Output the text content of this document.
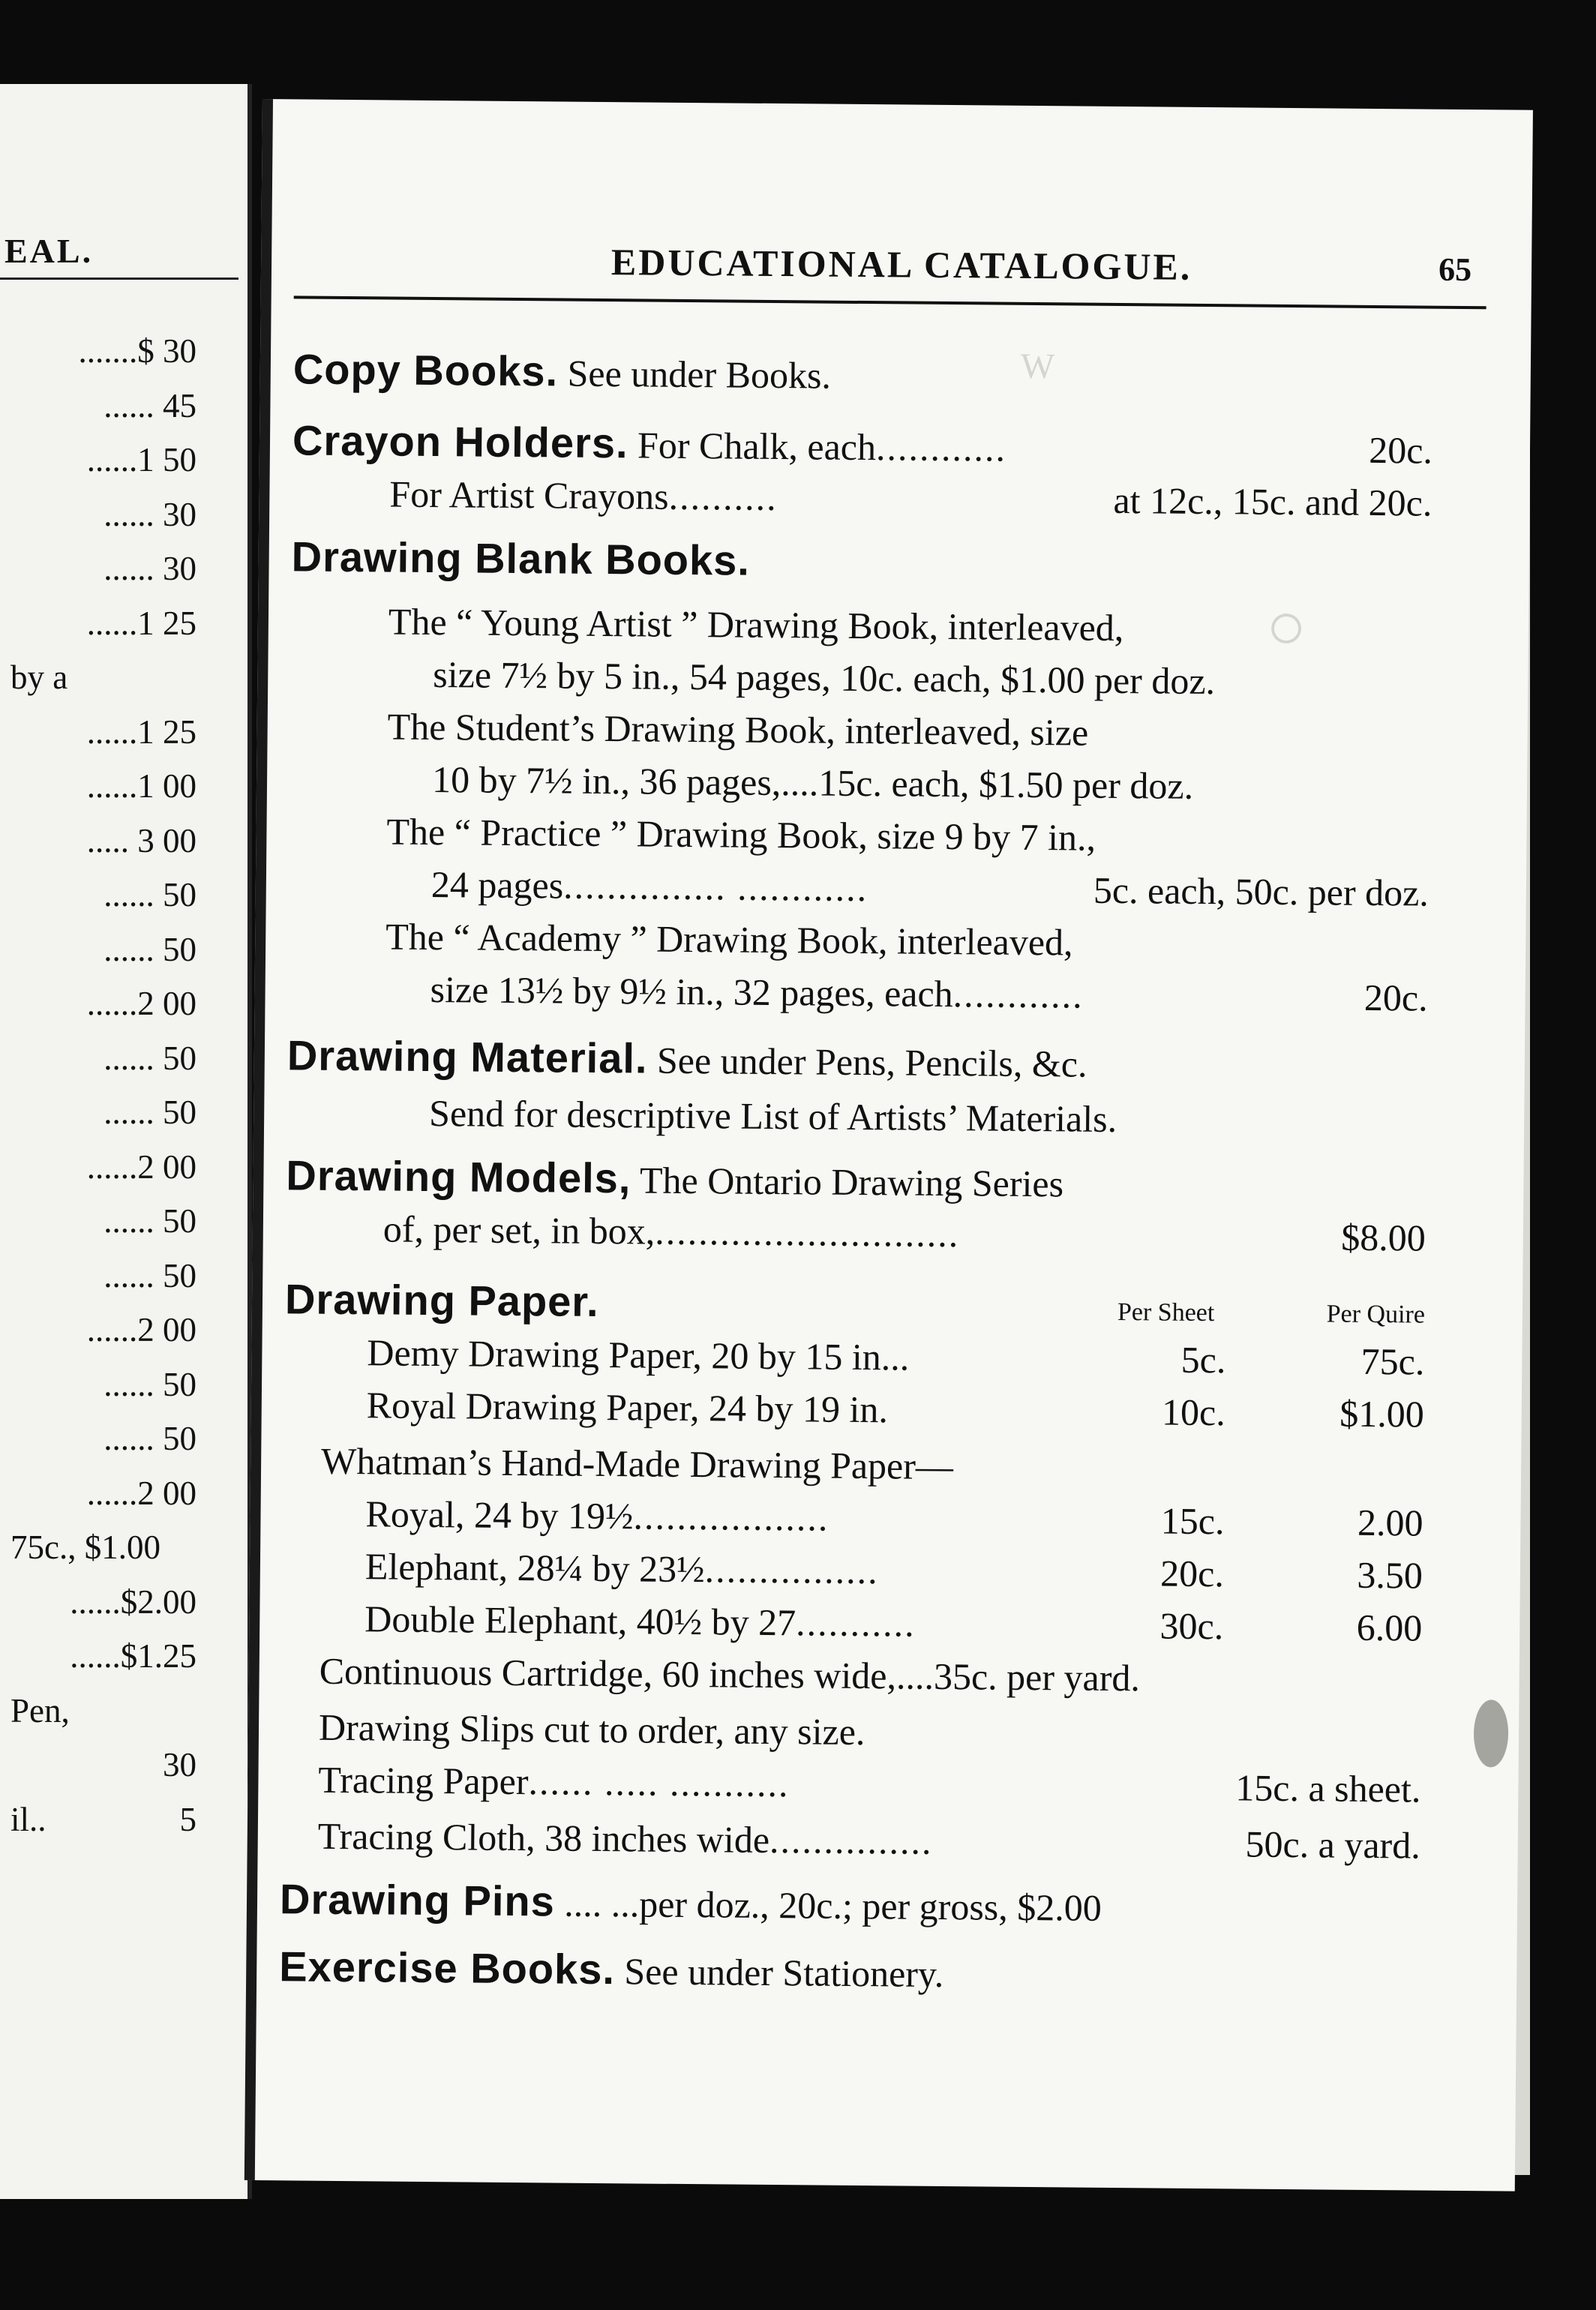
EAL.
.......$ 30
...... 45
......1 50
...... 30
...... 30
......1 25
by a
......1 25
......1 00
..... 3 00
...... 50
...... 50
......2 00
...... 50
...... 50
......2 00
...... 50
...... 50
......2 00
...... 50
...... 50
......2 00
75c., $1.00
......$2.00
......$1.25
Pen,
30
il..	5
W
○
EDUCATIONAL CATALOGUE.	65
Copy Books. See under Books.
Crayon Holders. For Chalk, each............	20c.
For Artist Crayons..........	at 12c., 15c. and 20c.
Drawing Blank Books.
The “ Young Artist ” Drawing Book, interleaved,
size 7½ by 5 in., 54 pages, 10c. each, $1.00 per doz.
The Student’s Drawing Book, interleaved, size
10 by 7½ in., 36 pages,....15c. each, $1.50 per doz.
The “ Practice ” Drawing Book, size 9 by 7 in.,
24 pages............... ............	5c. each, 50c. per doz.
The “ Academy ” Drawing Book, interleaved,
size 13½ by 9½ in., 32 pages, each............	20c.
Drawing Material. See under Pens, Pencils, &c.
Send for descriptive List of Artists’ Materials.
Drawing Models, The Ontario Drawing Series
of, per set, in box,............................	$8.00
Drawing Paper.	Per Sheet	Per Quire
Demy Drawing Paper, 20 by 15 in...	5c.	75c.
Royal Drawing Paper, 24 by 19 in.	10c.	$1.00
Whatman’s Hand-Made Drawing Paper—
Royal, 24 by 19½..................	15c.	2.00
Elephant, 28¼ by 23½................	20c.	3.50
Double Elephant, 40½ by 27...........	30c.	6.00
Continuous Cartridge, 60 inches wide,....35c. per yard.
Drawing Slips cut to order, any size.
Tracing Paper...... ..... ...........	15c. a sheet.
Tracing Cloth, 38 inches wide...............	50c. a yard.
Drawing Pins .... ...per doz., 20c.; per gross, $2.00
Exercise Books. See under Stationery.
